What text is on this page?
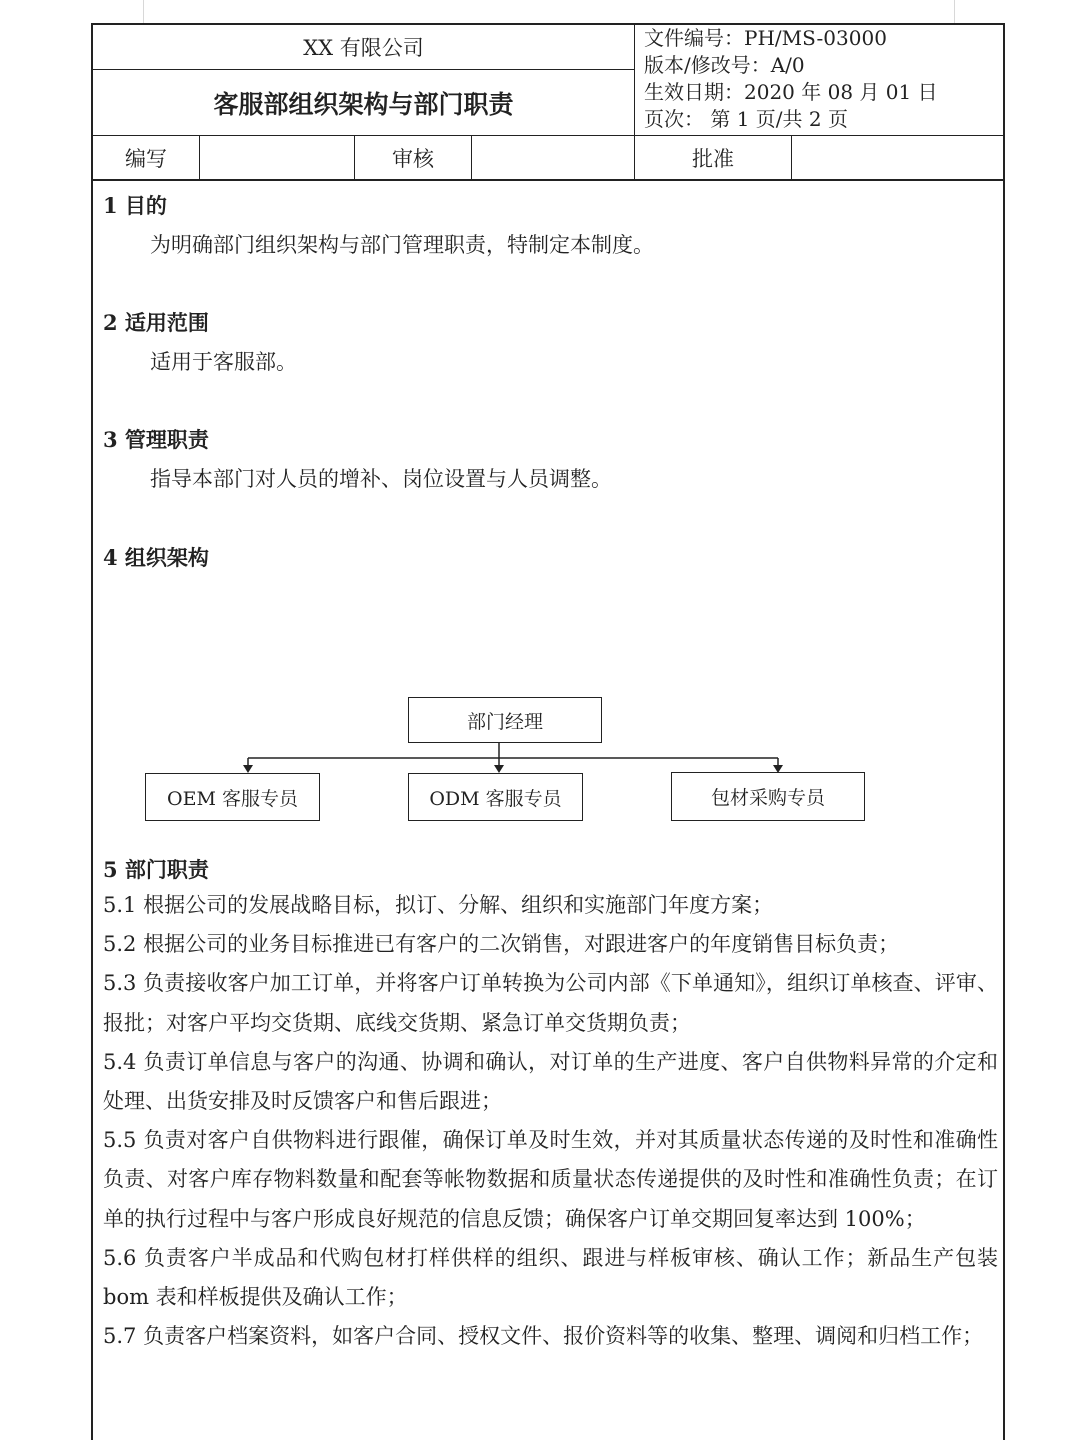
XX 有限公司
客服部组织架构与部门职责
文件编号：PH/MS-03000
版本/修改号：A/0
生效日期：2020 年 08 月 01 日
页次： 第 1 页/共 2 页
编写	审核	批准
1 目的
为明确部门组织架构与部门管理职责，特制定本制度。
2 适用范围
适用于客服部。
3 管理职责
指导本部门对人员的增补、岗位设置与人员调整。
4 组织架构
部门经理
OEM 客服专员	ODM 客服专员	包材采购专员
5 部门职责
5.1 根据公司的发展战略目标，拟订、分解、组织和实施部门年度方案；
5.2 根据公司的业务目标推进已有客户的二次销售，对跟进客户的年度销售目标负责；
5.3 负责接收客户加工订单，并将客户订单转换为公司内部《下单通知》，组织订单核查、评审、报批；对客户平均交货期、底线交货期、紧急订单交货期负责；
5.4 负责订单信息与客户的沟通、协调和确认，对订单的生产进度、客户自供物料异常的介定和处理、出货安排及时反馈客户和售后跟进；
5.5 负责对客户自供物料进行跟催，确保订单及时生效，并对其质量状态传递的及时性和准确性负责、对客户库存物料数量和配套等帐物数据和质量状态传递提供的及时性和准确性负责；在订单的执行过程中与客户形成良好规范的信息反馈；确保客户订单交期回复率达到 100%；
5.6 负责客户半成品和代购包材打样供样的组织、跟进与样板审核、确认工作；新品生产包装 bom 表和样板提供及确认工作；
5.7 负责客户档案资料，如客户合同、授权文件、报价资料等的收集、整理、调阅和归档工作；
